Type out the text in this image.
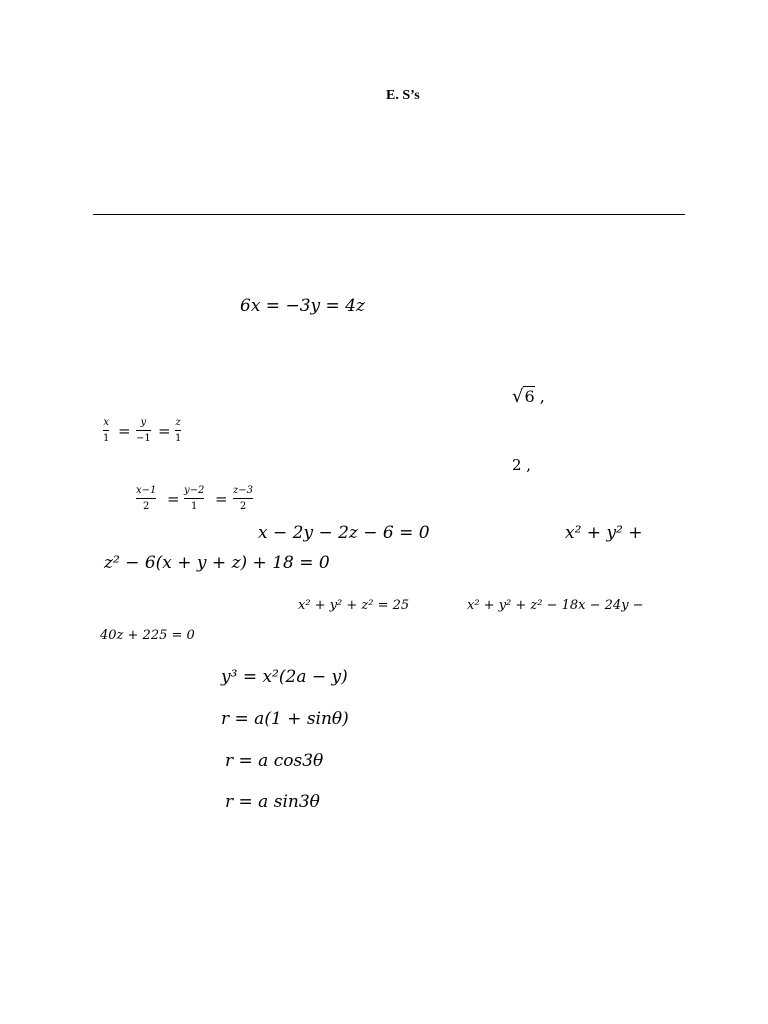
E. S’s
6x = −3y = 4z
√6 ,
x
1 = y
−1 = z
1
2 ,
x−1
2	= y−2
1	= z−3
2
x − 2y − 2z − 6 = 0	x² + y² +
z² − 6(x + y + z) + 18 = 0
x² + y² + z² = 25	x² + y² + z² − 18x − 24y −
40z + 225 = 0
y³ = x²(2a − y)
r = a(1 + sinθ)
r = a cos3θ
r = a sin3θ
